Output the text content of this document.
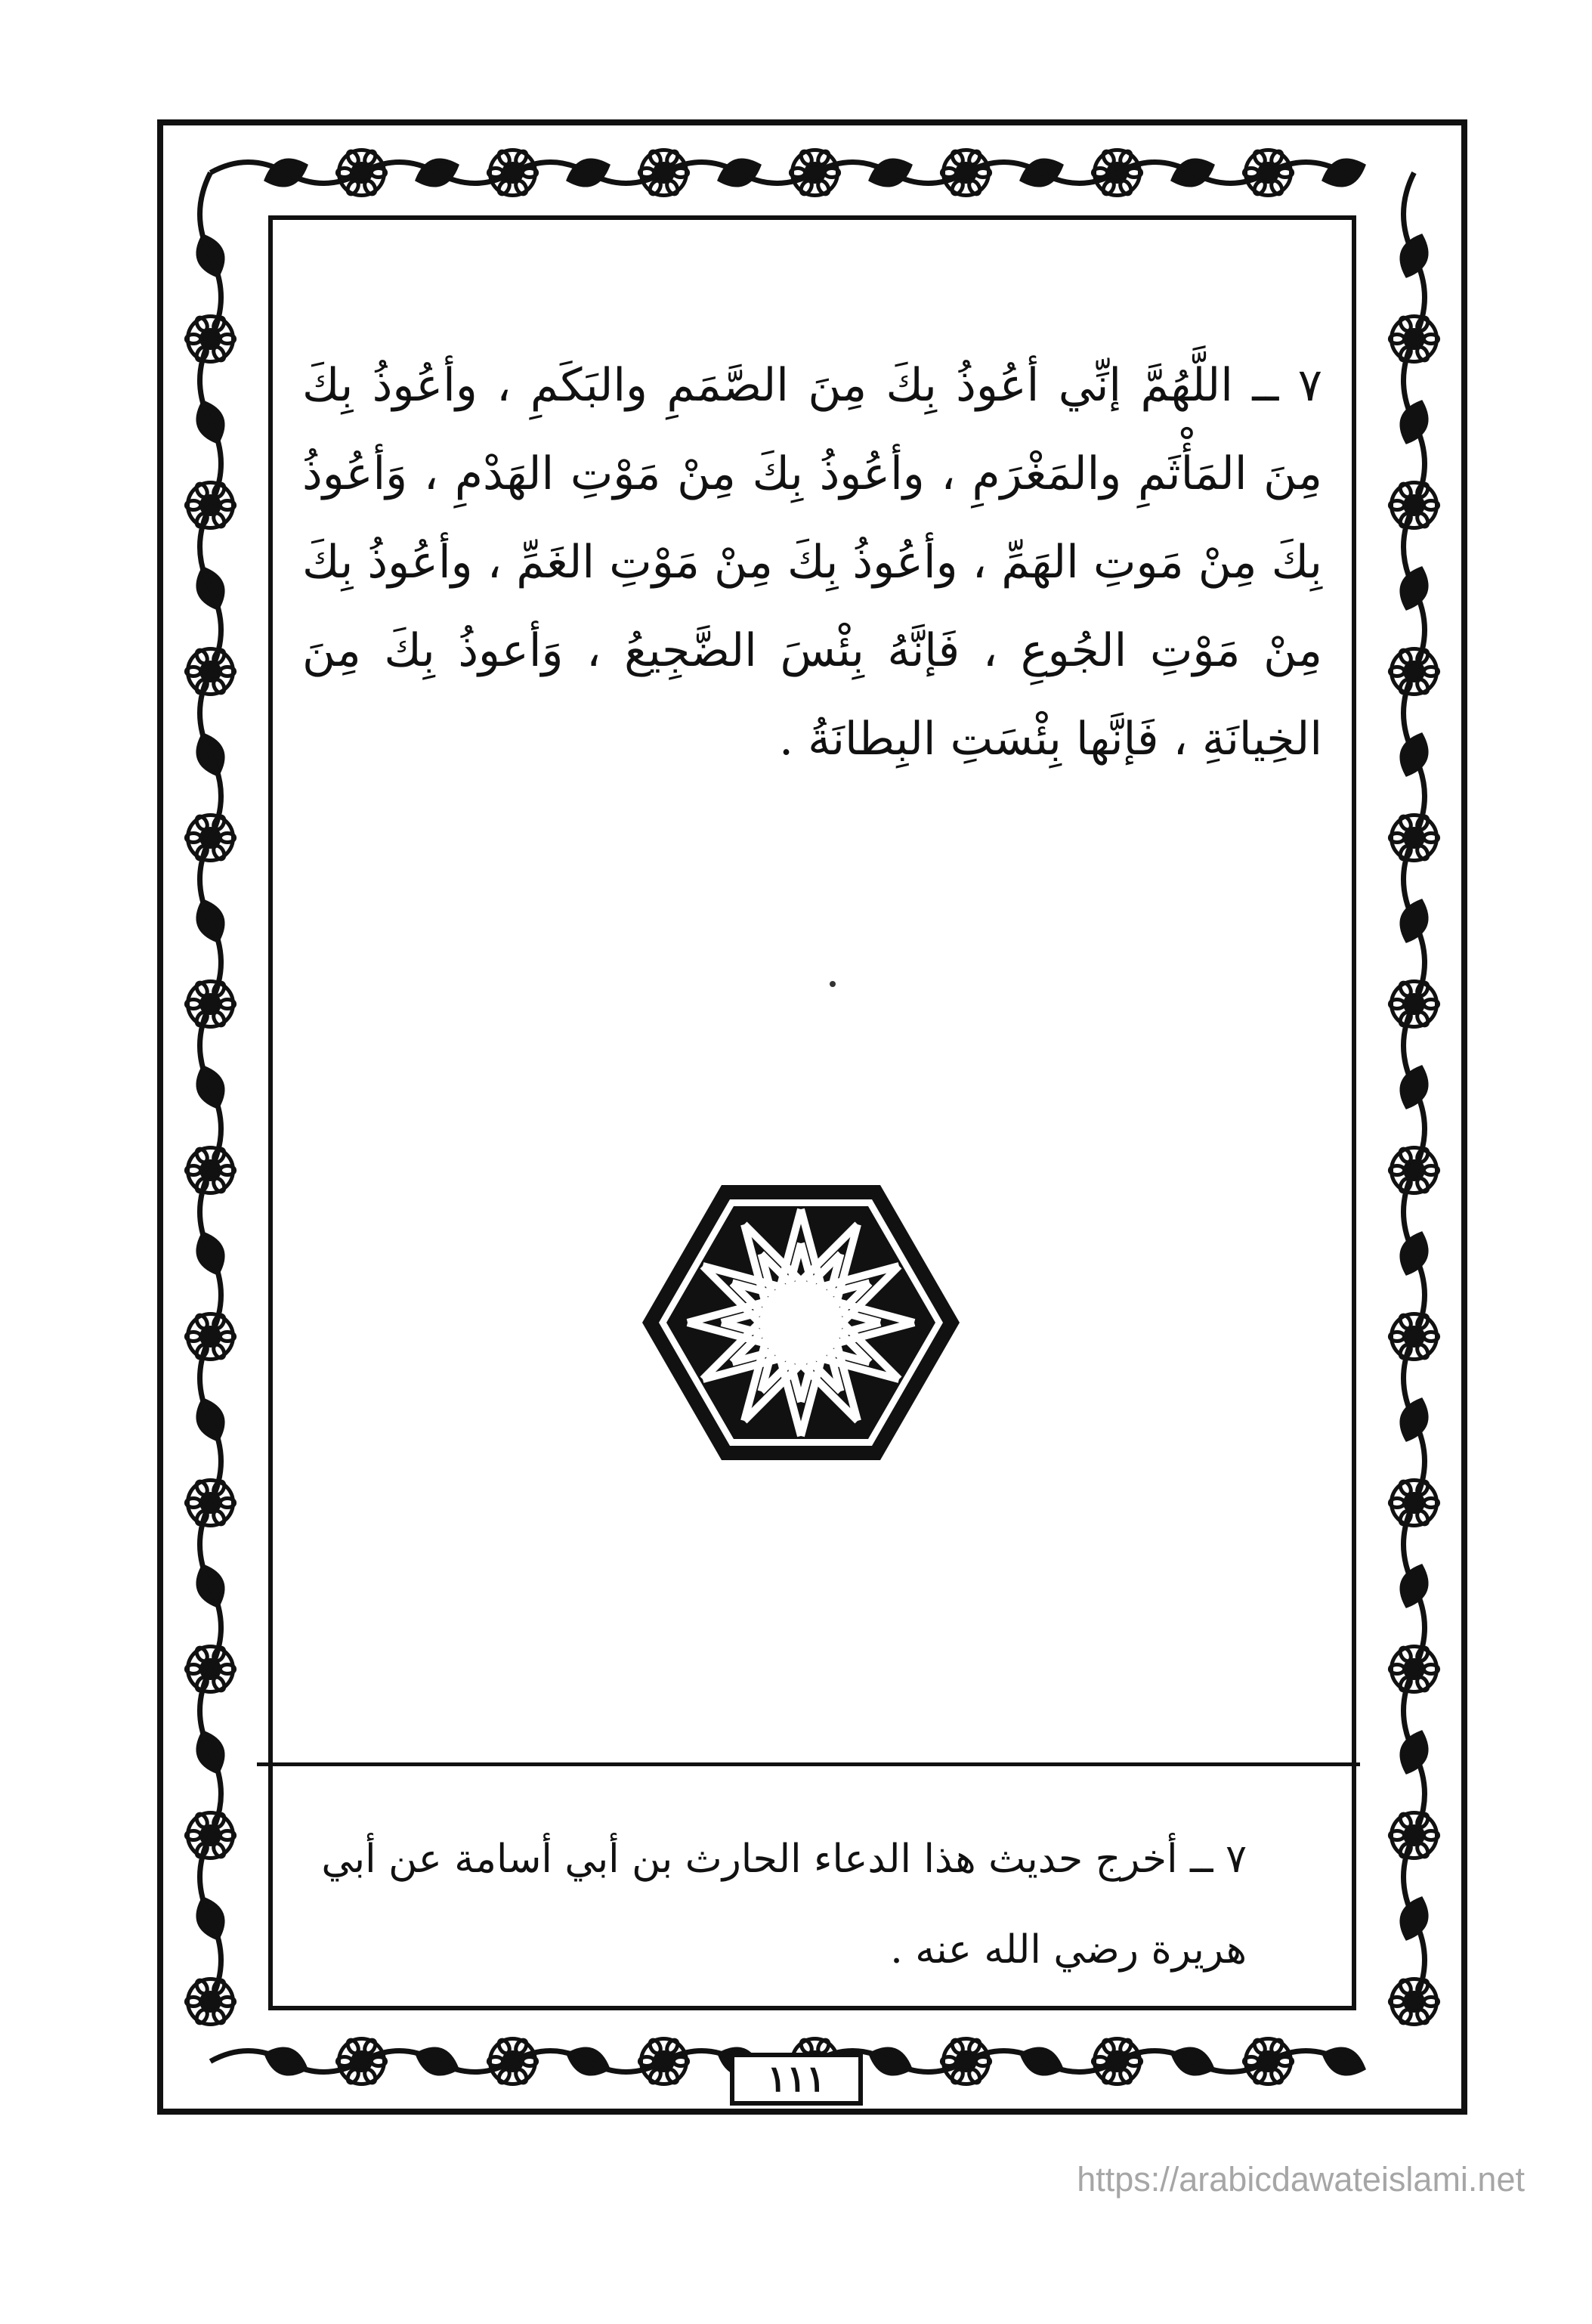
٧ ــ اللَّهُمَّ إنِّي أعُوذُ بِكَ مِنَ الصَّمَمِ والبَكَمِ ، وأعُوذُ بِكَ مِنَ المَأْثَمِ والمَغْرَمِ ، وأعُوذُ بِكَ مِنْ مَوْتِ الهَدْمِ ، وَأعُوذُ بِكَ مِنْ مَوتِ الهَمِّ ، وأعُوذُ بِكَ مِنْ مَوْتِ الغَمِّ ، وأعُوذُ بِكَ مِنْ مَوْتِ الجُوعِ ، فَإنَّهُ بِئْسَ الضَّجِيعُ ، وَأعوذُ بِكَ مِنَ الخِيانَةِ ، فَإنَّها بِئْسَتِ البِطانَةُ .
٧ ــ أخرج حديث هذا الدعاء الحارث بن أبي أسامة عن أبي هريرة رضي الله عنه .
١١١
https://arabicdawateislami.net
